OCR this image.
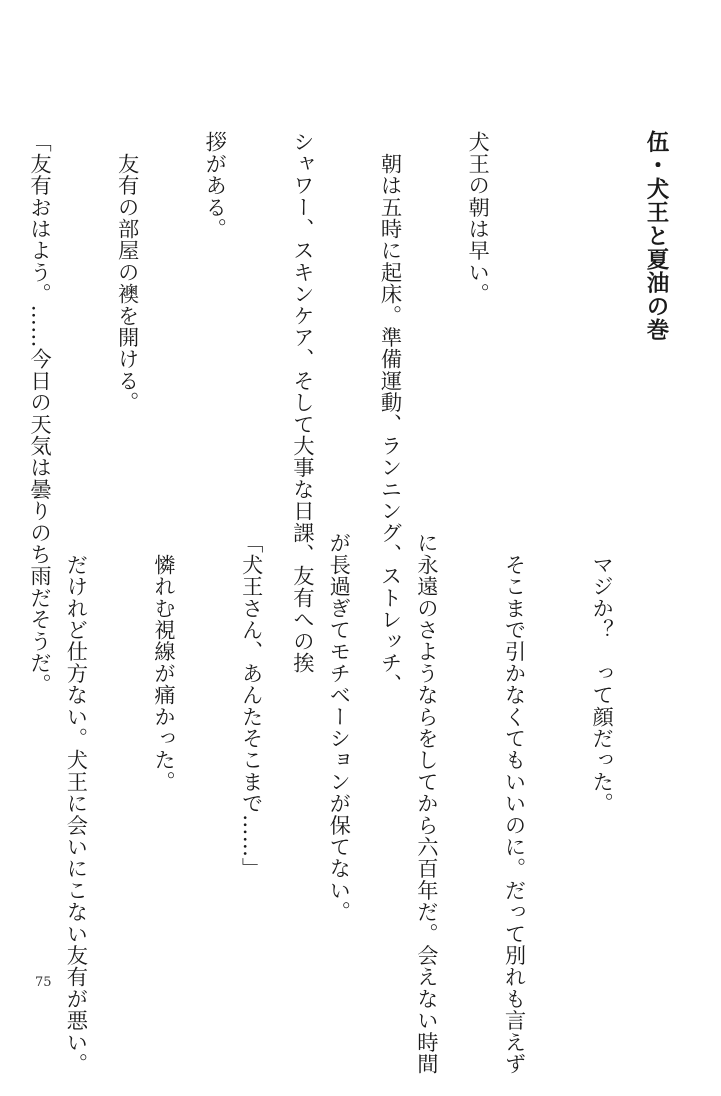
伍・犬王と夏油の巻

犬王の朝は早い。

　朝は五時に起床。準備運動、ランニング、ストレッチ、

シャワー、スキンケア、そして大事な日課、友有への挨

拶がある。

　友有の部屋の襖を開ける。

「友有おはよう。……今日の天気は曇りのち雨だそうだ。

	　マジか？　って顔だった。

　そこまで引かなくてもいいのに。だって別れも言えず

に永遠のさようならをしてから六百年だ。会えない時間

が長過ぎてモチベーションが保てない。

「犬王さん、あんたそこまで……」

　憐れむ視線が痛かった。

　だけれど仕方ない。犬王に会いにこない友有が悪い。

75
